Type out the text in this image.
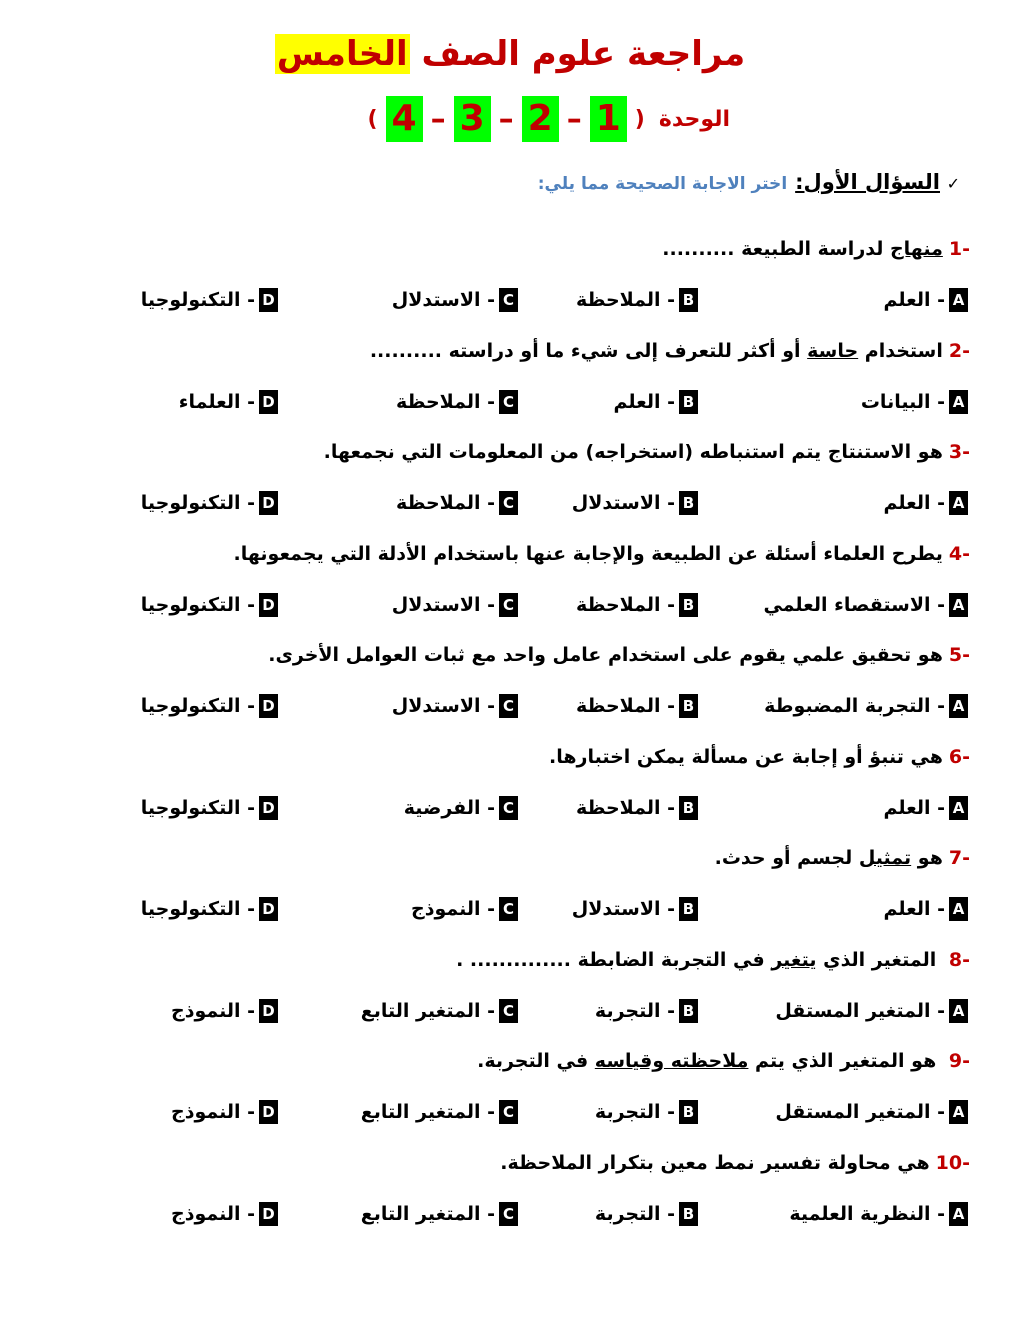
مراجعة علوم الصف الخامس
الوحدة
(
1
–
2
–
3
–
4
)
✓
السؤال الأول:
اختر الاجابة الصحيحة مما يلي:
-1منهاج لدراسة الطبيعة ..........
A
- العلم
B
- الملاحظة
C
- الاستدلال
D
- التكنولوجيا
-2استخدام حاسة أو أكثر للتعرف إلى شيء ما أو دراسته ..........
A
- البيانات
B
- العلم
C
- الملاحظة
D
- العلماء
-3هو الاستنتاج يتم استنباطه (استخراجه) من المعلومات التي نجمعها.
A
- العلم
B
- الاستدلال
C
- الملاحظة
D
- التكنولوجيا
-4يطرح العلماء أسئلة عن الطبيعة والإجابة عنها باستخدام الأدلة التي يجمعونها.
A
- الاستقصاء العلمي
B
- الملاحظة
C
- الاستدلال
D
- التكنولوجيا
-5هو تحقيق علمي يقوم على استخدام عامل واحد مع ثبات العوامل الأخرى.
A
- التجربة المضبوطة
B
- الملاحظة
C
- الاستدلال
D
- التكنولوجيا
-6هي تنبؤ أو إجابة عن مسألة يمكن اختبارها.
A
- العلم
B
- الملاحظة
C
- الفرضية
D
- التكنولوجيا
-7هو تمثيل لجسم أو حدث.
A
- العلم
B
- الاستدلال
C
- النموذج
D
- التكنولوجيا
-8 المتغير الذي يتغير في التجربة الضابطة .............. .
A
- المتغير المستقل
B
- التجربة
C
- المتغير التابع
D
- النموذج
-9 هو المتغير الذي يتم ملاحظته وقياسه في التجربة.
A
- المتغير المستقل
B
- التجربة
C
- المتغير التابع
D
- النموذج
-10هي محاولة تفسير نمط معين بتكرار الملاحظة.
A
- النظرية العلمية
B
- التجربة
C
- المتغير التابع
D
- النموذج
